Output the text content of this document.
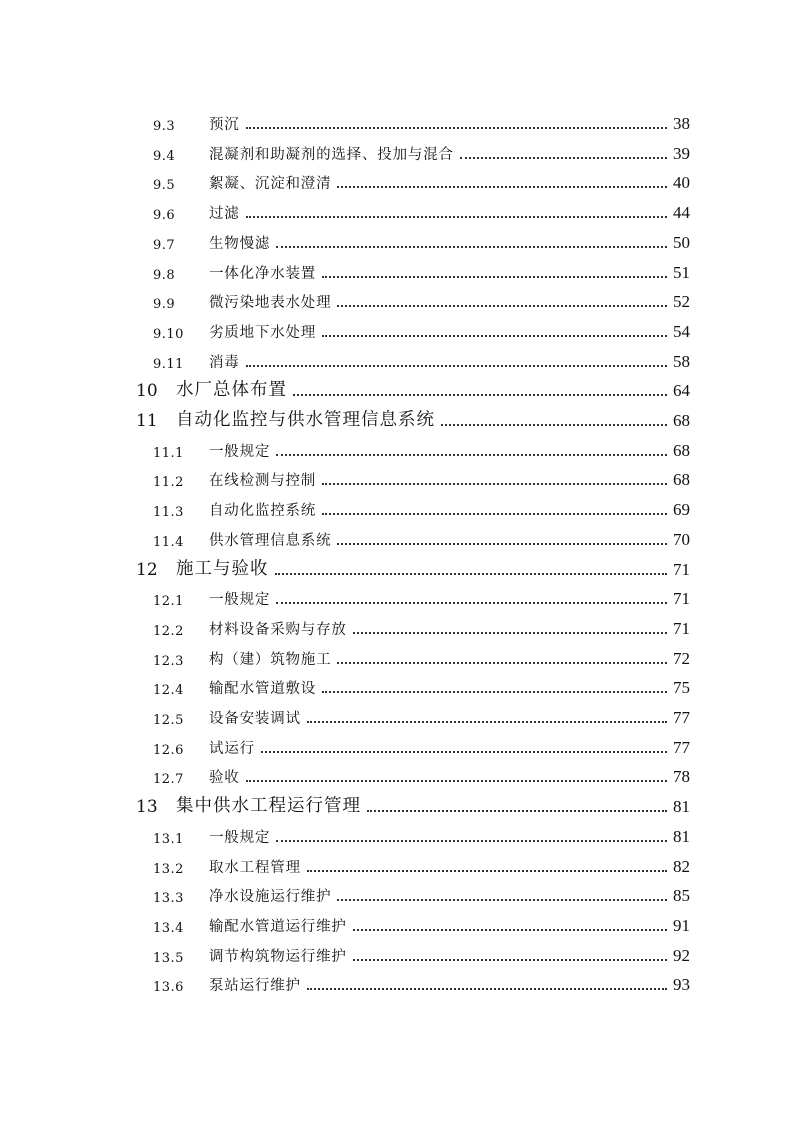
9.3	预沉	38
9.4	混凝剂和助凝剂的选择、投加与混合	39
9.5	絮凝、沉淀和澄清	40
9.6	过滤	44
9.7	生物慢滤	50
9.8	一体化净水装置	51
9.9	微污染地表水处理	52
9.10	劣质地下水处理	54
9.11	消毒	58
10	水厂总体布置	64
11	自动化监控与供水管理信息系统	68
11.1	一般规定	68
11.2	在线检测与控制	68
11.3	自动化监控系统	69
11.4	供水管理信息系统	70
12	施工与验收	71
12.1	一般规定	71
12.2	材料设备采购与存放	71
12.3	构（建）筑物施工	72
12.4	输配水管道敷设	75
12.5	设备安装调试	77
12.6	试运行	77
12.7	验收	78
13	集中供水工程运行管理	81
13.1	一般规定	81
13.2	取水工程管理	82
13.3	净水设施运行维护	85
13.4	输配水管道运行维护	91
13.5	调节构筑物运行维护	92
13.6	泵站运行维护	93
